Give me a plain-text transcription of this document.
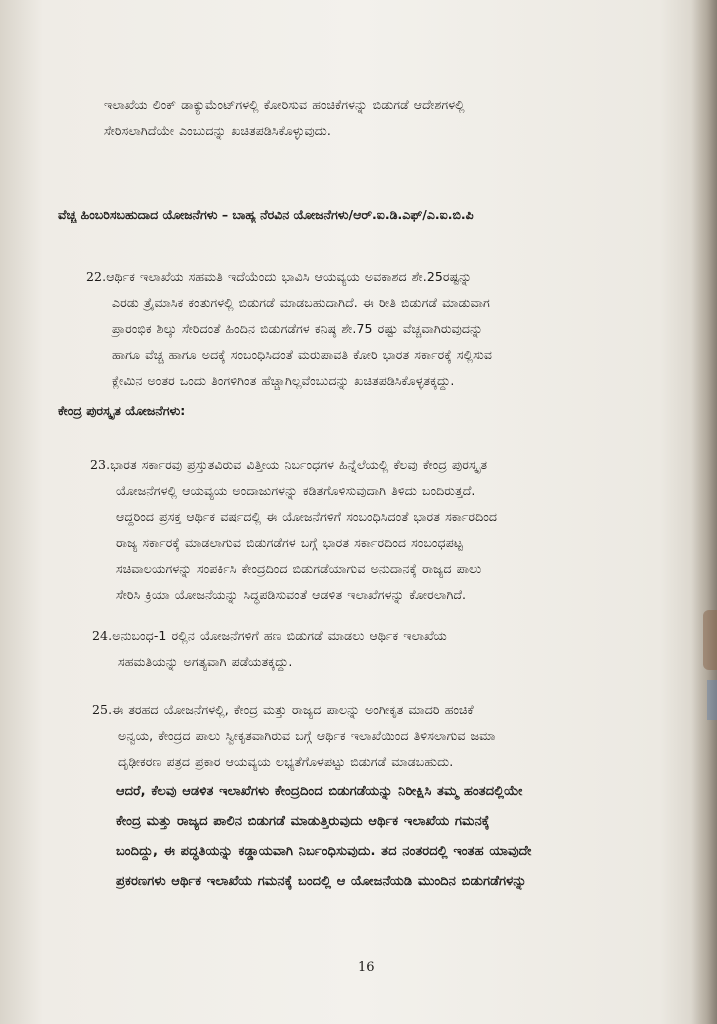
ಇಲಾಖೆಯ ಲಿಂಕ್ ಡಾಕ್ಯುಮೆಂಟ್‌ಗಳಲ್ಲಿ ಕೋರಿಸುವ ಹಂಚಿಕೆಗಳನ್ನು ಬಿಡುಗಡೆ ಆದೇಶಗಳಲ್ಲಿ
ಸೇರಿಸಲಾಗಿದೆಯೇ ಎಂಬುದನ್ನು ಖಚಿತಪಡಿಸಿಕೊಳ್ಳುವುದು.
ವೆಚ್ಚ ಹಿಂಬರಿಸಬಹುದಾದ ಯೋಜನೆಗಳು – ಬಾಹ್ಯ ನೆರವಿನ ಯೋಜನೆಗಳು/ಆರ್.ಐ.ಡಿ.ಎಫ್/ಎ.ಐ.ಬಿ.ಪಿ
22.ಆರ್ಥಿಕ ಇಲಾಖೆಯ ಸಹಮತಿ ಇದೆಯೆಂದು ಭಾವಿಸಿ ಆಯವ್ಯಯ ಅವಕಾಶದ ಶೇ.25ರಷ್ಟನ್ನು
ಎರಡು ತ್ರೈಮಾಸಿಕ ಕಂತುಗಳಲ್ಲಿ ಬಿಡುಗಡೆ ಮಾಡಬಹುದಾಗಿದೆ. ಈ ರೀತಿ ಬಿಡುಗಡೆ ಮಾಡುವಾಗ
ಪ್ರಾರಂಭಿಕ ಶಿಲ್ಕು ಸೇರಿದಂತೆ ಹಿಂದಿನ ಬಿಡುಗಡೆಗಳ ಕನಿಷ್ಠ ಶೇ.75 ರಷ್ಟು ವೆಚ್ಚವಾಗಿರುವುದನ್ನು
ಹಾಗೂ ವೆಚ್ಚ ಹಾಗೂ ಅದಕ್ಕೆ ಸಂಬಂಧಿಸಿದಂತೆ ಮರುಪಾವತಿ ಕೋರಿ ಭಾರತ ಸರ್ಕಾರಕ್ಕೆ ಸಲ್ಲಿಸುವ
ಕ್ಲೇಮಿನ ಅಂತರ ಒಂದು ತಿಂಗಳಿಗಿಂತ ಹೆಚ್ಚಾಗಿಲ್ಲವೆಂಬುದನ್ನು ಖಚಿತಪಡಿಸಿಕೊಳ್ಳತಕ್ಕದ್ದು.
ಕೇಂದ್ರ ಪುರಸ್ಕೃತ ಯೋಜನೆಗಳು:
23.ಭಾರತ ಸರ್ಕಾರವು ಪ್ರಸ್ತುತವಿರುವ ವಿತ್ತೀಯ ನಿರ್ಬಂಧಗಳ ಹಿನ್ನೆಲೆಯಲ್ಲಿ ಕೆಲವು ಕೇಂದ್ರ ಪುರಸ್ಕೃತ
ಯೋಜನೆಗಳಲ್ಲಿ ಆಯವ್ಯಯ ಅಂದಾಜುಗಳನ್ನು ಕಡಿತಗೊಳಿಸುವುದಾಗಿ ತಿಳಿದು ಬಂದಿರುತ್ತದೆ.
ಆದ್ದರಿಂದ ಪ್ರಸಕ್ತ ಆರ್ಥಿಕ ವರ್ಷದಲ್ಲಿ ಈ ಯೋಜನೆಗಳಿಗೆ ಸಂಬಂಧಿಸಿದಂತೆ ಭಾರತ ಸರ್ಕಾರದಿಂದ
ರಾಜ್ಯ ಸರ್ಕಾರಕ್ಕೆ ಮಾಡಲಾಗುವ ಬಿಡುಗಡೆಗಳ ಬಗ್ಗೆ ಭಾರತ ಸರ್ಕಾರದಿಂದ ಸಂಬಂಧಪಟ್ಟ
ಸಚಿವಾಲಯಗಳನ್ನು ಸಂಪರ್ಕಿಸಿ ಕೇಂದ್ರದಿಂದ ಬಿಡುಗಡೆಯಾಗುವ ಅನುದಾನಕ್ಕೆ ರಾಜ್ಯದ ಪಾಲು
ಸೇರಿಸಿ ಕ್ರಿಯಾ ಯೋಜನೆಯನ್ನು ಸಿದ್ಧಪಡಿಸುವಂತೆ ಆಡಳಿತ ಇಲಾಖೆಗಳನ್ನು ಕೋರಲಾಗಿದೆ.
24.ಅನುಬಂಧ-1 ರಲ್ಲಿನ ಯೋಜನೆಗಳಿಗೆ ಹಣ ಬಿಡುಗಡೆ ಮಾಡಲು ಆರ್ಥಿಕ ಇಲಾಖೆಯ
ಸಹಮತಿಯನ್ನು ಅಗತ್ಯವಾಗಿ ಪಡೆಯತಕ್ಕದ್ದು.
25.ಈ ತರಹದ ಯೋಜನೆಗಳಲ್ಲಿ, ಕೇಂದ್ರ ಮತ್ತು ರಾಜ್ಯದ ಪಾಲನ್ನು ಅಂಗೀಕೃತ ಮಾದರಿ ಹಂಚಿಕೆ
ಅನ್ವಯ, ಕೇಂದ್ರದ ಪಾಲು ಸ್ವೀಕೃತವಾಗಿರುವ ಬಗ್ಗೆ ಆರ್ಥಿಕ ಇಲಾಖೆಯಿಂದ ತಿಳಿಸಲಾಗುವ ಜಮಾ
ದೃಢೀಕರಣ ಪತ್ರದ ಪ್ರಕಾರ ಆಯವ್ಯಯ ಲಭ್ಯತೆಗೊಳಪಟ್ಟು ಬಿಡುಗಡೆ ಮಾಡಬಹುದು.
ಆದರೆ, ಕೆಲವು ಆಡಳಿತ ಇಲಾಖೆಗಳು ಕೇಂದ್ರದಿಂದ ಬಿಡುಗಡೆಯನ್ನು ನಿರೀಕ್ಷಿಸಿ ತಮ್ಮ ಹಂತದಲ್ಲಿಯೇ
ಕೇಂದ್ರ ಮತ್ತು ರಾಜ್ಯದ ಪಾಲಿನ ಬಿಡುಗಡೆ ಮಾಡುತ್ತಿರುವುದು ಆರ್ಥಿಕ ಇಲಾಖೆಯ ಗಮನಕ್ಕೆ
ಬಂದಿದ್ದು, ಈ ಪದ್ಧತಿಯನ್ನು ಕಡ್ಡಾಯವಾಗಿ ನಿರ್ಬಂಧಿಸುವುದು. ತದ ನಂತರದಲ್ಲಿ ಇಂತಹ ಯಾವುದೇ
ಪ್ರಕರಣಗಳು ಆರ್ಥಿಕ ಇಲಾಖೆಯ ಗಮನಕ್ಕೆ ಬಂದಲ್ಲಿ ಆ ಯೋಜನೆಯಡಿ ಮುಂದಿನ ಬಿಡುಗಡೆಗಳನ್ನು
16
